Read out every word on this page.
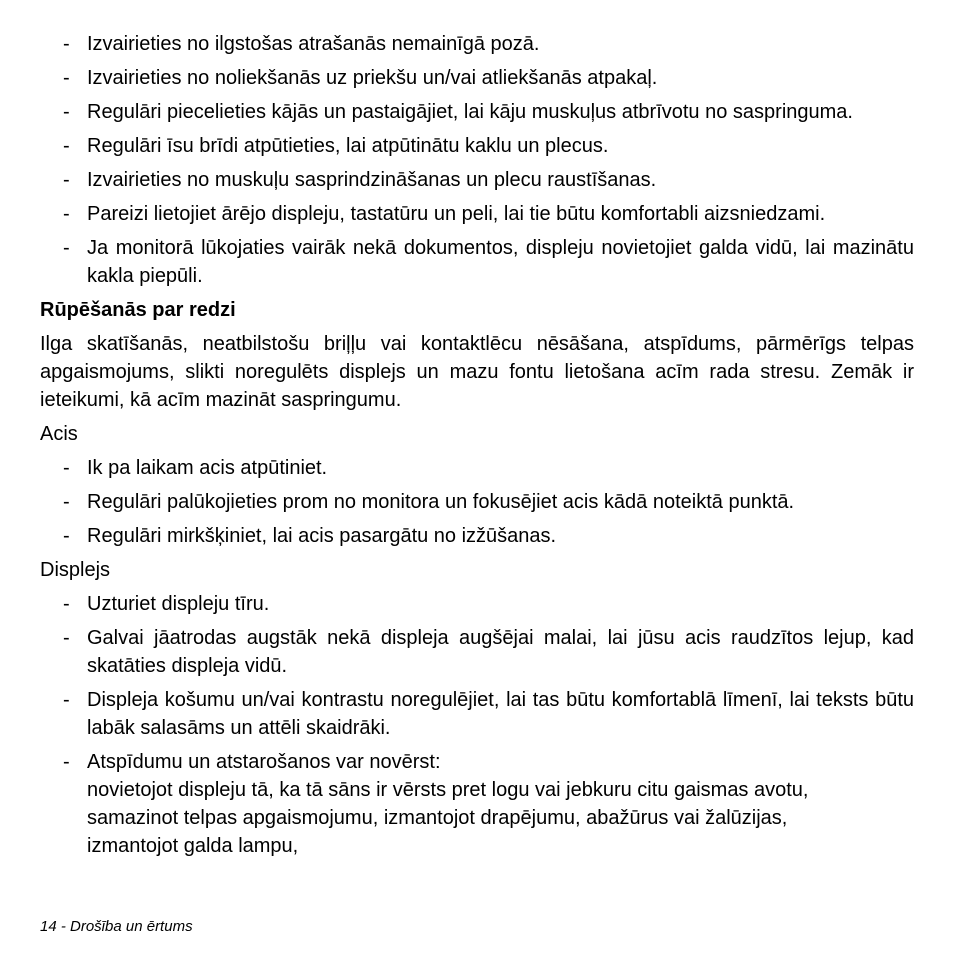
- Izvairieties no ilgstošas atrašanās nemainīgā pozā.
- Izvairieties no noliekšanās uz priekšu un/vai atliekšanās atpakaļ.
- Regulāri piecelieties kājās un pastaigājiet, lai kāju muskuļus atbrīvotu no saspringuma.
- Regulāri īsu brīdi atpūtieties, lai atpūtinātu kaklu un plecus.
- Izvairieties no muskuļu sasprindzināšanas un plecu raustīšanas.
- Pareizi lietojiet ārējo displeju, tastatūru un peli, lai tie būtu komfortabli aizsniedzami.
- Ja monitorā lūkojaties vairāk nekā dokumentos, displeju novietojiet galda vidū, lai mazinātu kakla piepūli.
Rūpēšanās par redzi

Ilga skatīšanās, neatbilstošu briļļu vai kontaktlēcu nēsāšana, atspīdums, pārmērīgs telpas apgaismojums, slikti noregulēts displejs un mazu fontu lietošana acīm rada stresu. Zemāk ir ieteikumi, kā acīm mazināt saspringumu.

Acis
- Ik pa laikam acis atpūtiniet.
- Regulāri palūkojieties prom no monitora un fokusējiet acis kādā noteiktā punktā.
- Regulāri mirkšķiniet, lai acis pasargātu no izžūšanas.
Displejs
- Uzturiet displeju tīru.
- Galvai jāatrodas augstāk nekā displeja augšējai malai, lai jūsu acis raudzītos lejup, kad skatāties displeja vidū.
- Displeja košumu un/vai kontrastu noregulējiet, lai tas būtu komfortablā līmenī, lai teksts būtu labāk salasāms un attēli skaidrāki.
- Atspīdumu un atstarošanos var novērst:
novietojot displeju tā, ka tā sāns ir vērsts pret logu vai jebkuru citu gaismas avotu,
samazinot telpas apgaismojumu, izmantojot drapējumu, abažūrus vai žalūzijas,
izmantojot galda lampu,
14 - Drošība un ērtums
